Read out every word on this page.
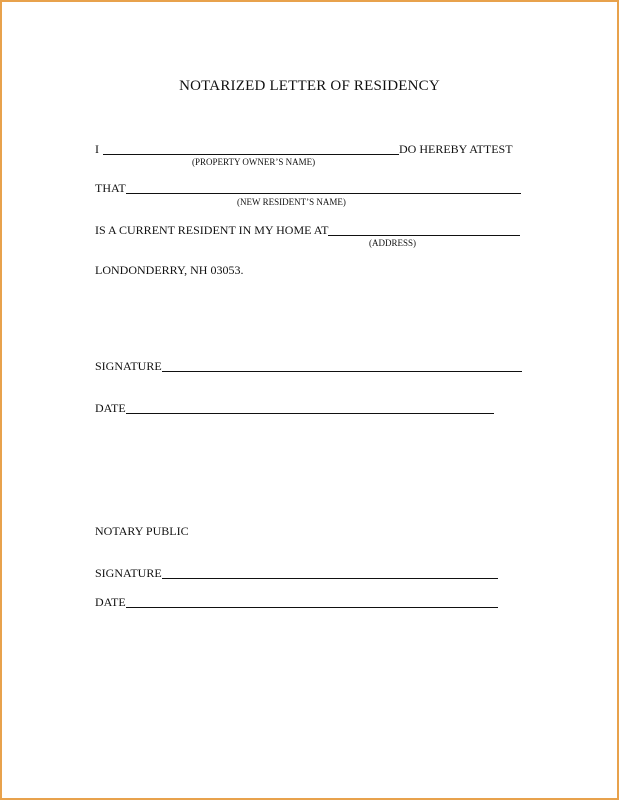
NOTARIZED LETTER OF RESIDENCY
I	DO HEREBY ATTEST
(PROPERTY OWNER’S NAME)
THAT
(NEW RESIDENT’S NAME)
IS A CURRENT RESIDENT IN MY HOME AT
(ADDRESS)
LONDONDERRY, NH 03053.
SIGNATURE
DATE
NOTARY PUBLIC
SIGNATURE
DATE
